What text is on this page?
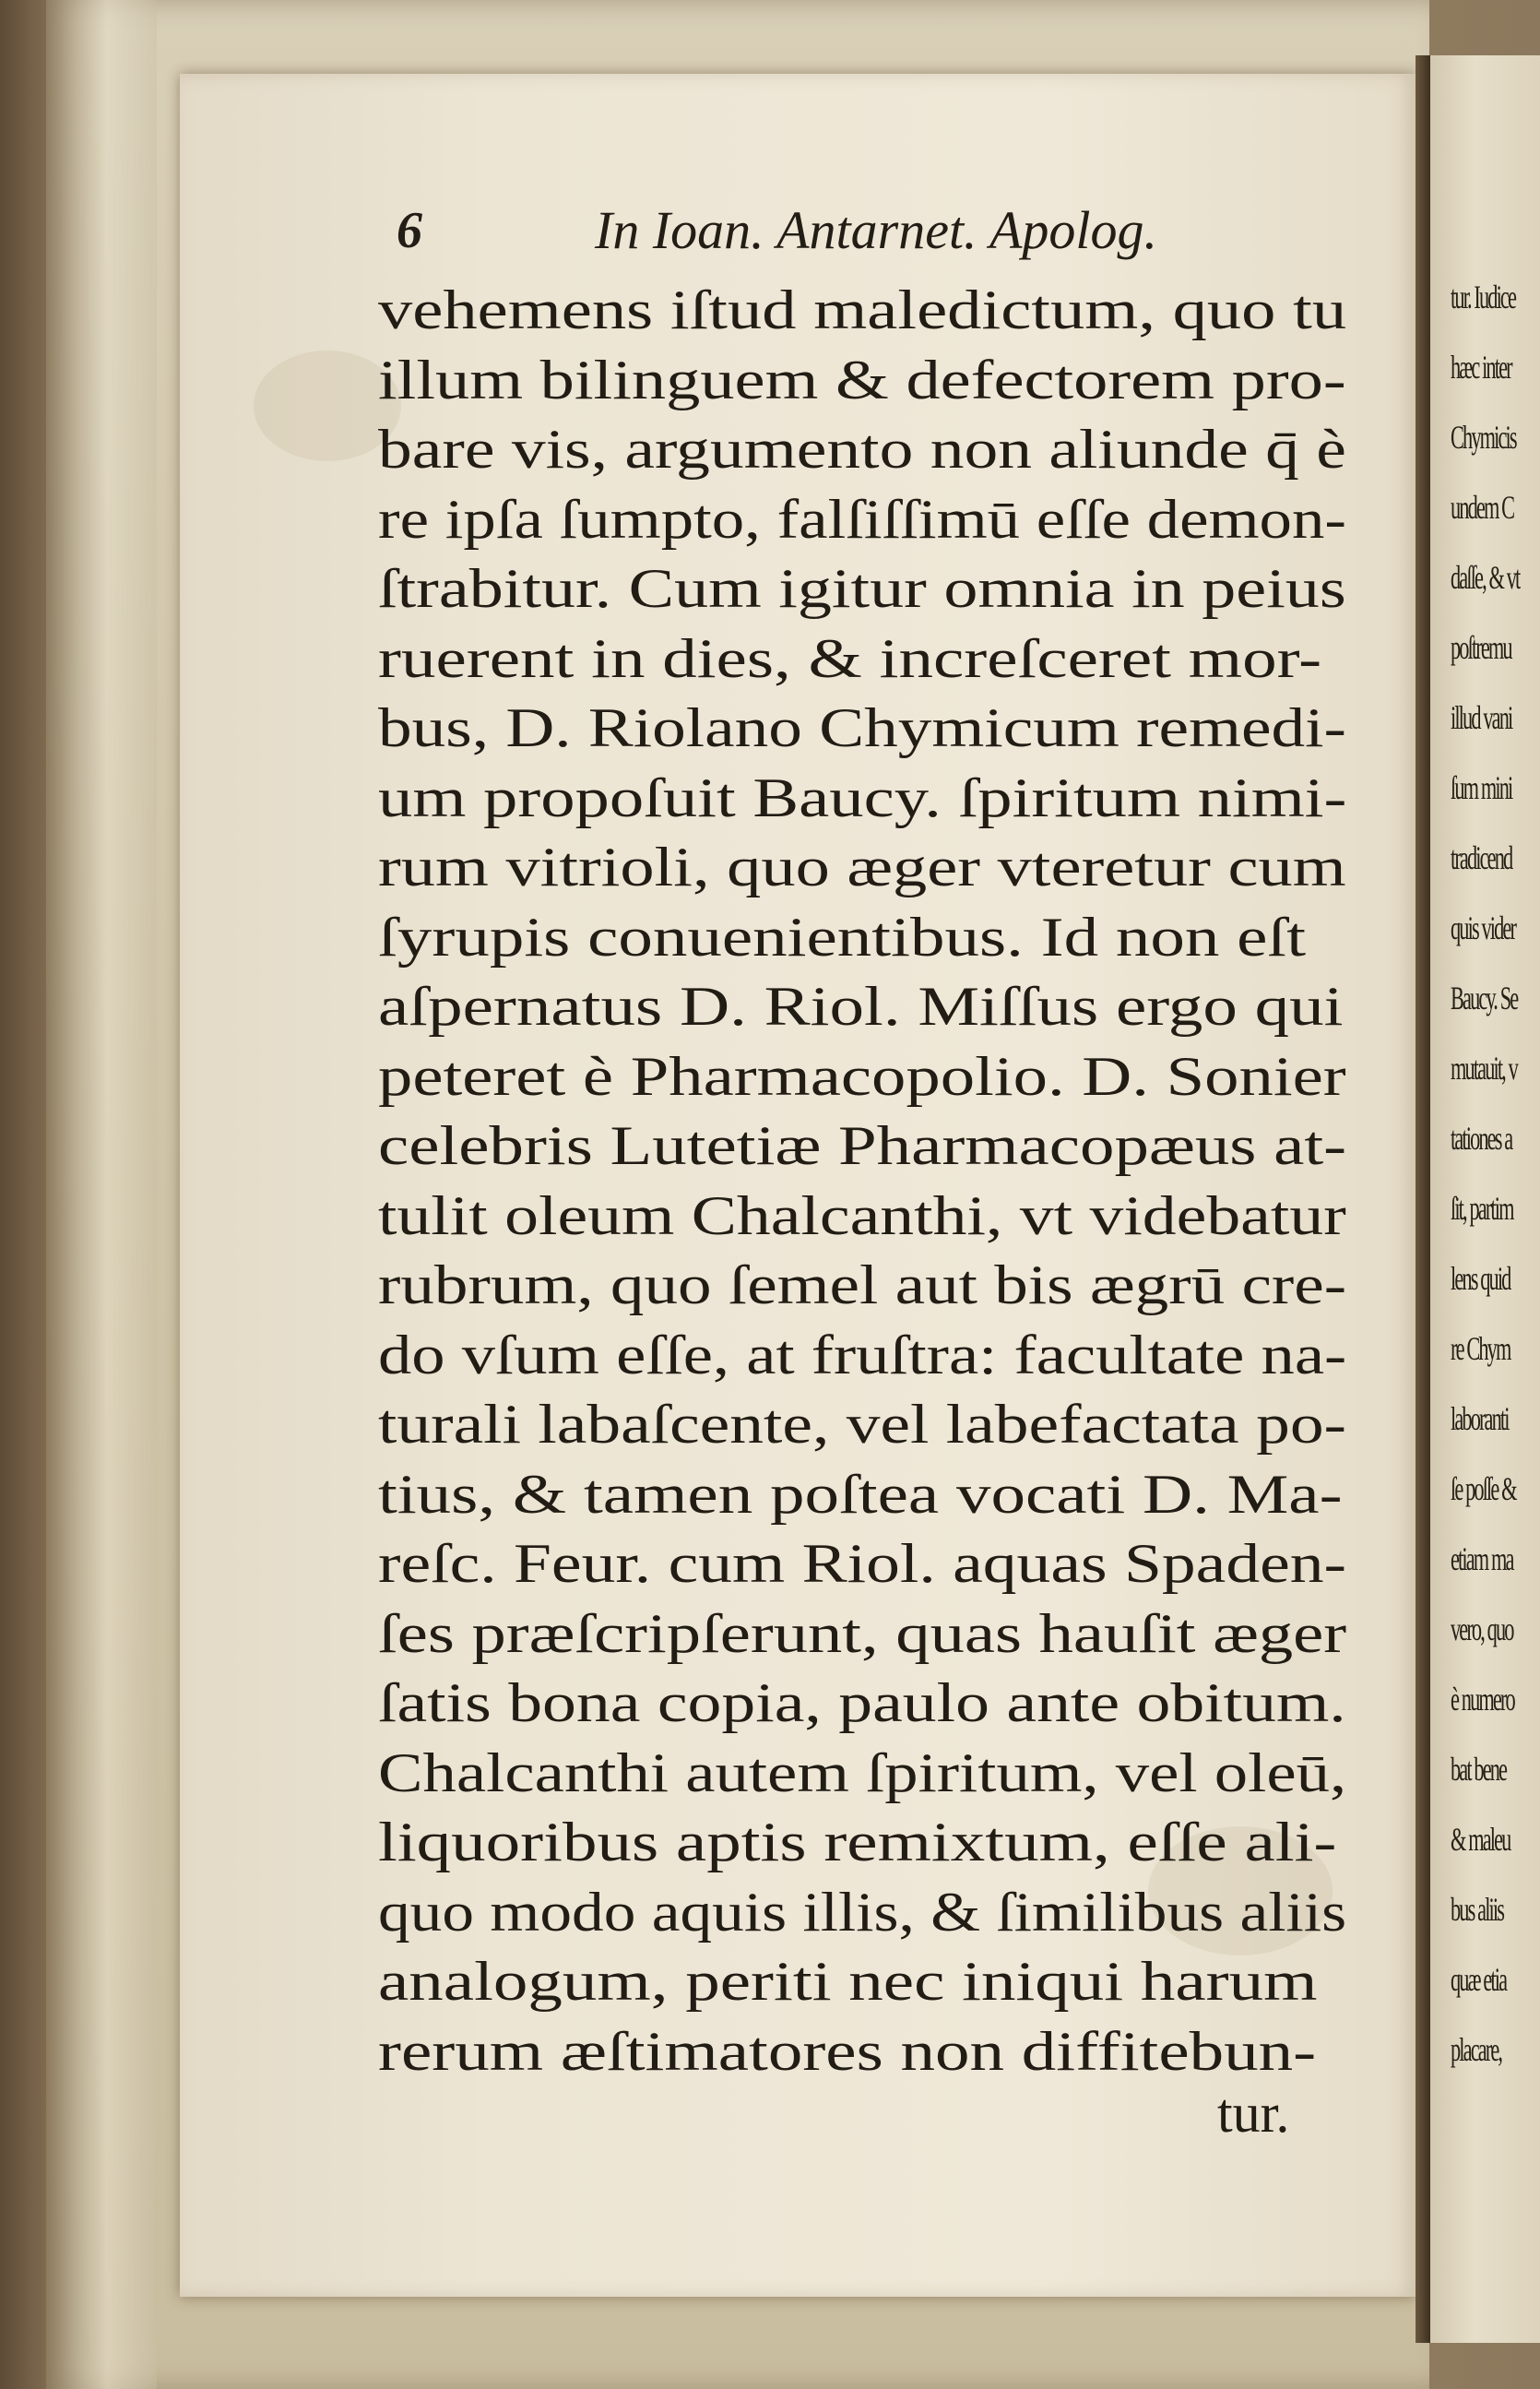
tur. Iudice
hæc inter
Chymicis
undem C
daſſe, & vt
poſtremu
illud vani
ſum mini
tradicend
quis vider
Baucy. Se
mutauit, v
tationes a
ſit, partim
lens quid
re Chym
laboranti
ſe poſſe &
etiam ma
vero, quo
è numero
bat bene
& maleu
bus aliis
quæ etia
placare,
6	In Ioan. Antarnet. Apolog.
vehemens iſtud maledictum, quo tu
illum bilinguem & defectorem pro-
bare vis, argumento non aliunde q̄ è
re ipſa ſumpto, falſiſſimū eſſe demon-
ſtrabitur. Cum igitur omnia in peius
ruerent in dies, & increſceret mor-
bus, D. Riolano Chymicum remedi-
um propoſuit Baucy. ſpiritum nimi-
rum vitrioli, quo æger vteretur cum
ſyrupis conuenientibus. Id non eſt
aſpernatus D. Riol. Miſſus ergo qui
peteret è Pharmacopolio. D. Sonier
celebris Lutetiæ Pharmacopæus at-
tulit oleum Chalcanthi, vt videbatur
rubrum, quo ſemel aut bis ægrū cre-
do vſum eſſe, at fruſtra: facultate na-
turali labaſcente, vel labefactata po-
tius, & tamen poſtea vocati D. Ma-
reſc. Feur. cum Riol. aquas Spaden-
ſes præſcripſerunt, quas hauſit æger
ſatis bona copia, paulo ante obitum.
Chalcanthi autem ſpiritum, vel oleū,
liquoribus aptis remixtum, eſſe ali-
quo modo aquis illis, & ſimilibus aliis
analogum, periti nec iniqui harum
rerum æſtimatores non diffitebun-
tur.
